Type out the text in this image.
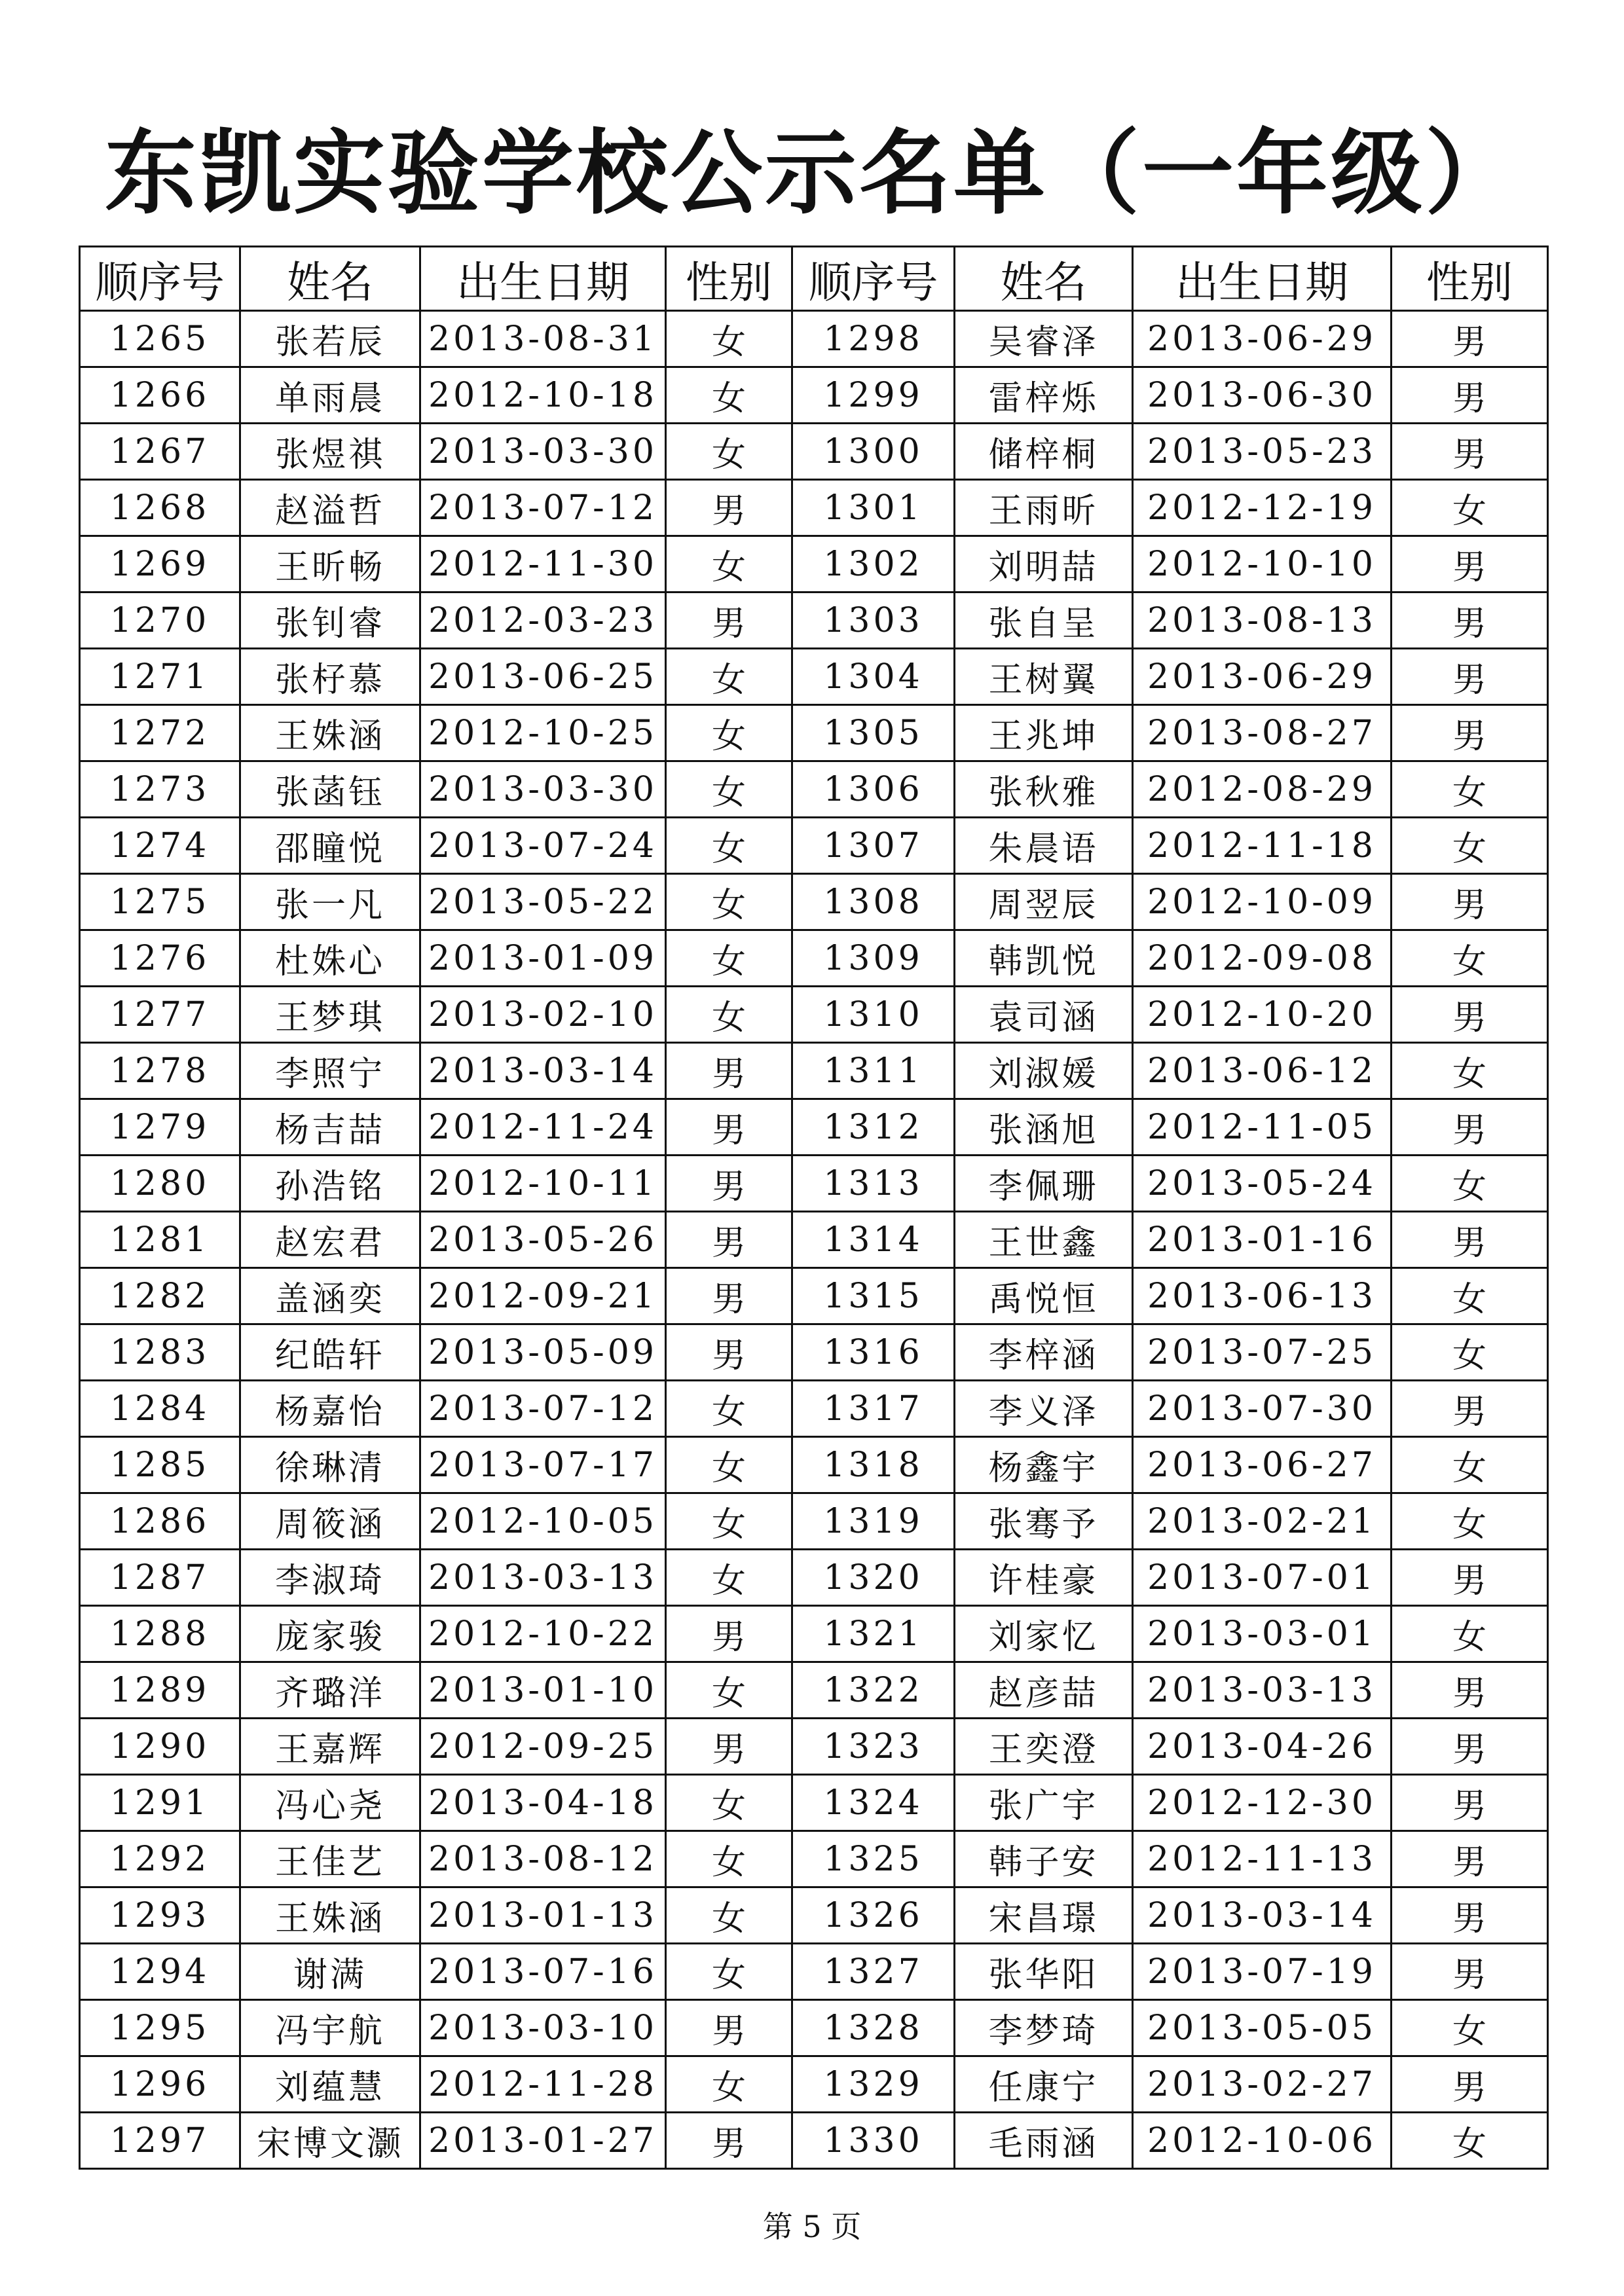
东凯实验学校公示名单（一年级）
顺序号	姓名	出生日期	性别	顺序号	姓名	出生日期	性别
1265	张若辰	2013-08-31	女	1298	吴睿泽	2013-06-29	男
1266	单雨晨	2012-10-18	女	1299	雷梓烁	2013-06-30	男
1267	张煜祺	2013-03-30	女	1300	储梓桐	2013-05-23	男
1268	赵溢哲	2013-07-12	男	1301	王雨昕	2012-12-19	女
1269	王昕畅	2012-11-30	女	1302	刘明喆	2012-10-10	男
1270	张钊睿	2012-03-23	男	1303	张自呈	2013-08-13	男
1271	张杍慕	2013-06-25	女	1304	王树翼	2013-06-29	男
1272	王姝涵	2012-10-25	女	1305	王兆坤	2013-08-27	男
1273	张菡钰	2013-03-30	女	1306	张秋雅	2012-08-29	女
1274	邵瞳悦	2013-07-24	女	1307	朱晨语	2012-11-18	女
1275	张一凡	2013-05-22	女	1308	周翌辰	2012-10-09	男
1276	杜姝心	2013-01-09	女	1309	韩凯悦	2012-09-08	女
1277	王梦琪	2013-02-10	女	1310	袁司涵	2012-10-20	男
1278	李照宁	2013-03-14	男	1311	刘淑媛	2013-06-12	女
1279	杨吉喆	2012-11-24	男	1312	张涵旭	2012-11-05	男
1280	孙浩铭	2012-10-11	男	1313	李佩珊	2013-05-24	女
1281	赵宏君	2013-05-26	男	1314	王世鑫	2013-01-16	男
1282	盖涵奕	2012-09-21	男	1315	禹悦恒	2013-06-13	女
1283	纪皓轩	2013-05-09	男	1316	李梓涵	2013-07-25	女
1284	杨嘉怡	2013-07-12	女	1317	李义泽	2013-07-30	男
1285	徐琳清	2013-07-17	女	1318	杨鑫宇	2013-06-27	女
1286	周筱涵	2012-10-05	女	1319	张骞予	2013-02-21	女
1287	李淑琦	2013-03-13	女	1320	许桂豪	2013-07-01	男
1288	庞家骏	2012-10-22	男	1321	刘家忆	2013-03-01	女
1289	齐璐洋	2013-01-10	女	1322	赵彦喆	2013-03-13	男
1290	王嘉辉	2012-09-25	男	1323	王奕澄	2013-04-26	男
1291	冯心尧	2013-04-18	女	1324	张广宇	2012-12-30	男
1292	王佳艺	2013-08-12	女	1325	韩子安	2012-11-13	男
1293	王姝涵	2013-01-13	女	1326	宋昌璟	2013-03-14	男
1294	谢满	2013-07-16	女	1327	张华阳	2013-07-19	男
1295	冯宇航	2013-03-10	男	1328	李梦琦	2013-05-05	女
1296	刘蕴慧	2012-11-28	女	1329	任康宁	2013-02-27	男
1297	宋博文灏	2013-01-27	男	1330	毛雨涵	2012-10-06	女
第 5 页
